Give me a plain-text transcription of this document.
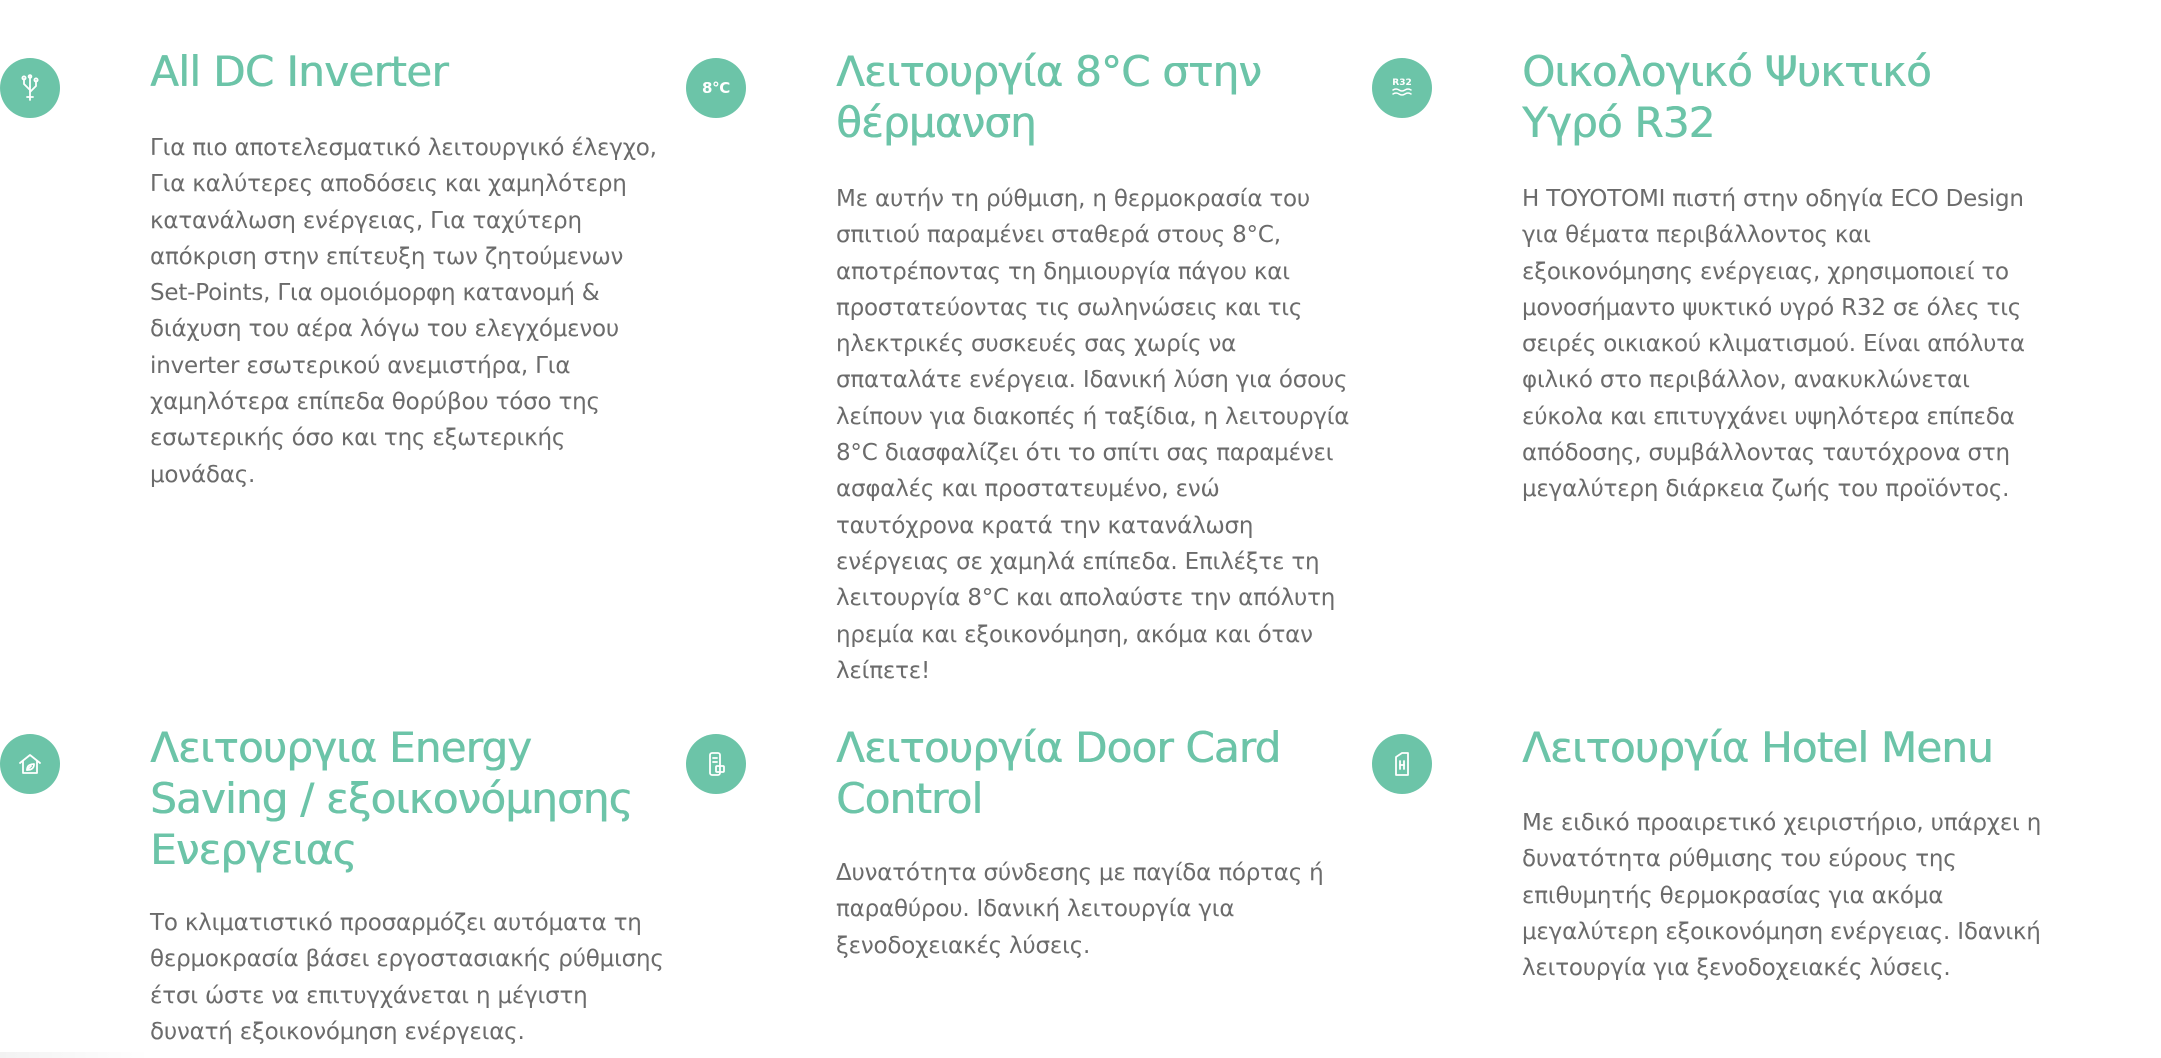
All DC Inverter

Για πιο αποτελεσματικό λειτουργικό έλεγχο, Για καλύτερες αποδόσεις και χαμηλότερη κατανάλωση ενέργειας, Για ταχύτερη απόκριση στην επίτευξη των ζητούμενων Set-Points, Για ομοιόμορφη κατανομή & διάχυση του αέρα λόγω του ελεγχόμενου inverter εσωτερικού ανεμιστήρα, Για χαμηλότερα επίπεδα θορύβου τόσο της εσωτερικής όσο και της εξωτερικής μονάδας.

8°C	Λειτουργία 8°C στην θέρμανση

Με αυτήν τη ρύθμιση, η θερμοκρασία του σπιτιού παραμένει σταθερά στους 8°C, αποτρέποντας τη δημιουργία πάγου και προστατεύοντας τις σωληνώσεις και τις ηλεκτρικές συσκευές σας χωρίς να σπαταλάτε ενέργεια. Ιδανική λύση για όσους λείπουν για διακοπές ή ταξίδια, η λειτουργία 8°C διασφαλίζει ότι το σπίτι σας παραμένει ασφαλές και προστατευμένο, ενώ ταυτόχρονα κρατά την κατανάλωση ενέργειας σε χαμηλά επίπεδα. Επιλέξτε τη λειτουργία 8°C και απολαύστε την απόλυτη ηρεμία και εξοικονόμηση, ακόμα και όταν λείπετε!

R32	Οικολογικό Ψυκτικό Υγρό R32

Η TOYOTOMI πιστή στην οδηγία ECO Design για θέματα περιβάλλοντος και εξοικονόμησης ενέργειας, χρησιμοποιεί το μονοσήμαντο ψυκτικό υγρό R32 σε όλες τις σειρές οικιακού κλιματισμού. Είναι απόλυτα φιλικό στο περιβάλλον, ανακυκλώνεται εύκολα και επιτυγχάνει υψηλότερα επίπεδα απόδοσης, συμβάλλοντας ταυτόχρονα στη μεγαλύτερη διάρκεια ζωής του προϊόντος.

Λειτουργια Energy Saving / εξοικονόμησης Ενεργειας

Το κλιματιστικό προσαρμόζει αυτόματα τη θερμοκρασία βάσει εργοστασιακής ρύθμισης έτσι ώστε να επιτυγχάνεται η μέγιστη δυνατή εξοικονόμηση ενέργειας.

Λειτουργία Door Card Control

Δυνατότητα σύνδεσης με παγίδα πόρτας ή παραθύρου. Ιδανική λειτουργία για ξενοδοχειακές λύσεις.

Λειτουργία Hotel Menu

Με ειδικό προαιρετικό χειριστήριο, υπάρχει η δυνατότητα ρύθμισης του εύρους της επιθυμητής θερμοκρασίας για ακόμα μεγαλύτερη εξοικονόμηση ενέργειας. Ιδανική λειτουργία για ξενοδοχειακές λύσεις.
